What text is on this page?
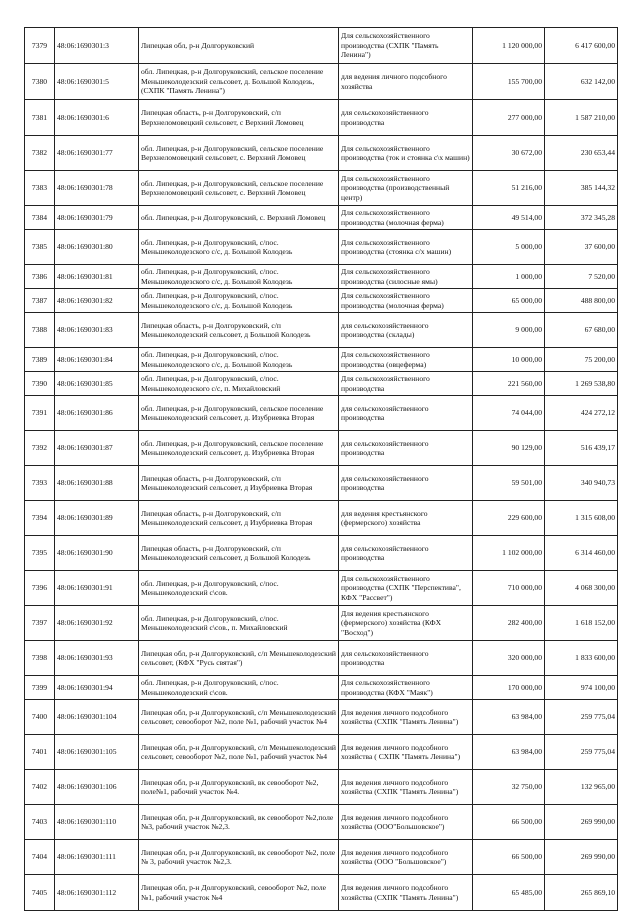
7379	48:06:1690301:3	Липецкая обл, р-н Долгоруковский	Для сельскохозяйственного производства (СХПК "Память Ленина")	1 120 000,00	6 417 600,00
7380	48:06:1690301:5	обл. Липецкая, р-н Долгоруковский, сельское поселение Меньшеколодезский сельсовет, д. Большой Колодезь, (СХПК "Память Ленина")	для ведения личного подсобного хозяйства	155 700,00	632 142,00
7381	48:06:1690301:6	Липецкая область, р-н Долгоруковский, с/п Верхнеломовецкий сельсовет, с Верхний Ломовец	для сельскохозяйственного производства	277 000,00	1 587 210,00
7382	48:06:1690301:77	обл. Липецкая, р-н Долгоруковский, сельское поселение Верхнеломовецкий сельсовет, с. Верхний Ломовец	Для сельскохозяйственного производства (ток и стоянка с\х машин)	30 672,00	230 653,44
7383	48:06:1690301:78	обл. Липецкая, р-н Долгоруковский, сельское поселение Верхнеломовецкий сельсовет, с. Верхний Ломовец	Для сельскохозяйственного производства (производственный центр)	51 216,00	385 144,32
7384	48:06:1690301:79	обл. Липецкая, р-н Долгоруковский, с. Верхний Ломовец	Для сельскохозяйственного производства (молочная ферма)	49 514,00	372 345,28
7385	48:06:1690301:80	обл. Липецкая, р-н Долгоруковский, с/пос. Меньшеколодезского с/с, д. Большой Колодезь	Для сельскохозяйственного производства (стоянка с/х машин)	5 000,00	37 600,00
7386	48:06:1690301:81	обл. Липецкая, р-н Долгоруковский, с/пос. Меньшеколодезского с/с, д. Большой Колодезь	Для сельскохозяйственного производства (силосные ямы)	1 000,00	7 520,00
7387	48:06:1690301:82	обл. Липецкая, р-н Долгоруковский, с/пос. Меньшеколодезского с/с, д. Большой Колодезь	Для сельскохозяйственного производства (молочная ферма)	65 000,00	488 800,00
7388	48:06:1690301:83	Липецкая область, р-н Долгоруковский, с/п Меньшеколодезский сельсовет, д Большой Колодезь	для сельскохозяйственного производства (склады)	9 000,00	67 680,00
7389	48:06:1690301:84	обл. Липецкая, р-н Долгоруковский, с/пос. Меньшеколодезского с/с, д. Большой Колодезь	Для сельскохозяйственного производства (овцеферма)	10 000,00	75 200,00
7390	48:06:1690301:85	обл. Липецкая, р-н Долгоруковский, с/пос. Меньшеколодезского с/с, п. Михайловский	Для сельскохозяйственного производства	221 560,00	1 269 538,80
7391	48:06:1690301:86	обл. Липецкая, р-н Долгоруковский, сельское поселение Меньшеколодезский сельсовет, д. Изубриевка Вторая	для сельскохозяйственного производства	74 044,00	424 272,12
7392	48:06:1690301:87	обл. Липецкая, р-н Долгоруковский, сельское поселение Меньшеколодезский сельсовет, д. Изубриевка Вторая	для сельскохозяйственного производства	90 129,00	516 439,17
7393	48:06:1690301:88	Липецкая область, р-н Долгоруковский, с/п Меньшеколодезский сельсовет, д Изубриевка Вторая	для сельскохозяйственного производства	59 501,00	340 940,73
7394	48:06:1690301:89	Липецкая область, р-н Долгоруковский, с/п Меньшеколодезский сельсовет, д Изубриевка Вторая	для ведения крестьянского (фермерского) хозяйства	229 600,00	1 315 608,00
7395	48:06:1690301:90	Липецкая область, р-н Долгоруковский, с/п Меньшеколодезский сельсовет, д Большой Колодезь	для сельскохозяйственного производства	1 102 000,00	6 314 460,00
7396	48:06:1690301:91	обл. Липецкая, р-н Долгоруковский, с/пос. Меньшеколодезский с\сов.	Для сельскохозяйственного производства (СХПК "Перспектива", КФХ "Рассвет")	710 000,00	4 068 300,00
7397	48:06:1690301:92	обл. Липецкая, р-н Долгоруковский, с/пос. Меньшеколодезский с\сов., п. Михайловский	Для ведения крестьянского (фермерского) хозяйства (КФХ "Восход")	282 400,00	1 618 152,00
7398	48:06:1690301:93	Липецкая обл, р-н Долгоруковский, с/п Меньшеколодезский сельсовет, (КФХ "Русь святая")	для сельскохозяйственного производства	320 000,00	1 833 600,00
7399	48:06:1690301:94	обл. Липецкая, р-н Долгоруковский, с/пос. Меньшеколодезский с\сов.	Для сельскохозяйственного производства (КФХ "Маяк")	170 000,00	974 100,00
7400	48:06:1690301:104	Липецкая обл, р-н Долгоруковский, с/п Меньшеколодезский сельсовет, севооборот №2, поле №1, рабочий участок №4	Для ведения личного подсобного хозяйства (СХПК "Память Ленина")	63 984,00	259 775,04
7401	48:06:1690301:105	Липецкая обл, р-н Долгоруковский, с/п Меньшеколодезский сельсовет, севооборот №2, поле №1, рабочий участок №4	Для ведения личного подсобного хозяйства ( СХПК "Память Ленина")	63 984,00	259 775,04
7402	48:06:1690301:106	Липецкая обл, р-н Долгоруковский, вк севооборот №2, поле№1, рабочий участок №4.	Для ведения личного подсобного хозяйства (СХПК "Память Ленина")	32 750,00	132 965,00
7403	48:06:1690301:110	Липецкая обл, р-н Долгоруковский, вк севооборот №2,поле №3, рабочий участок №2,3.	Для ведения личного подсобного хозяйства (ООО"Большовское")	66 500,00	269 990,00
7404	48:06:1690301:111	Липецкая обл, р-н Долгоруковский, вк севооборот №2, поле № 3, рабочий участок №2,3.	Для ведения личного подсобного хозяйства (ООО "Большовское")	66 500,00	269 990,00
7405	48:06:1690301:112	Липецкая обл, р-н Долгоруковский, севооборот №2, поле №1, рабочий участок №4	Для ведения личного подсобного хозяйства (СХПК "Память Ленина")	65 485,00	265 869,10
